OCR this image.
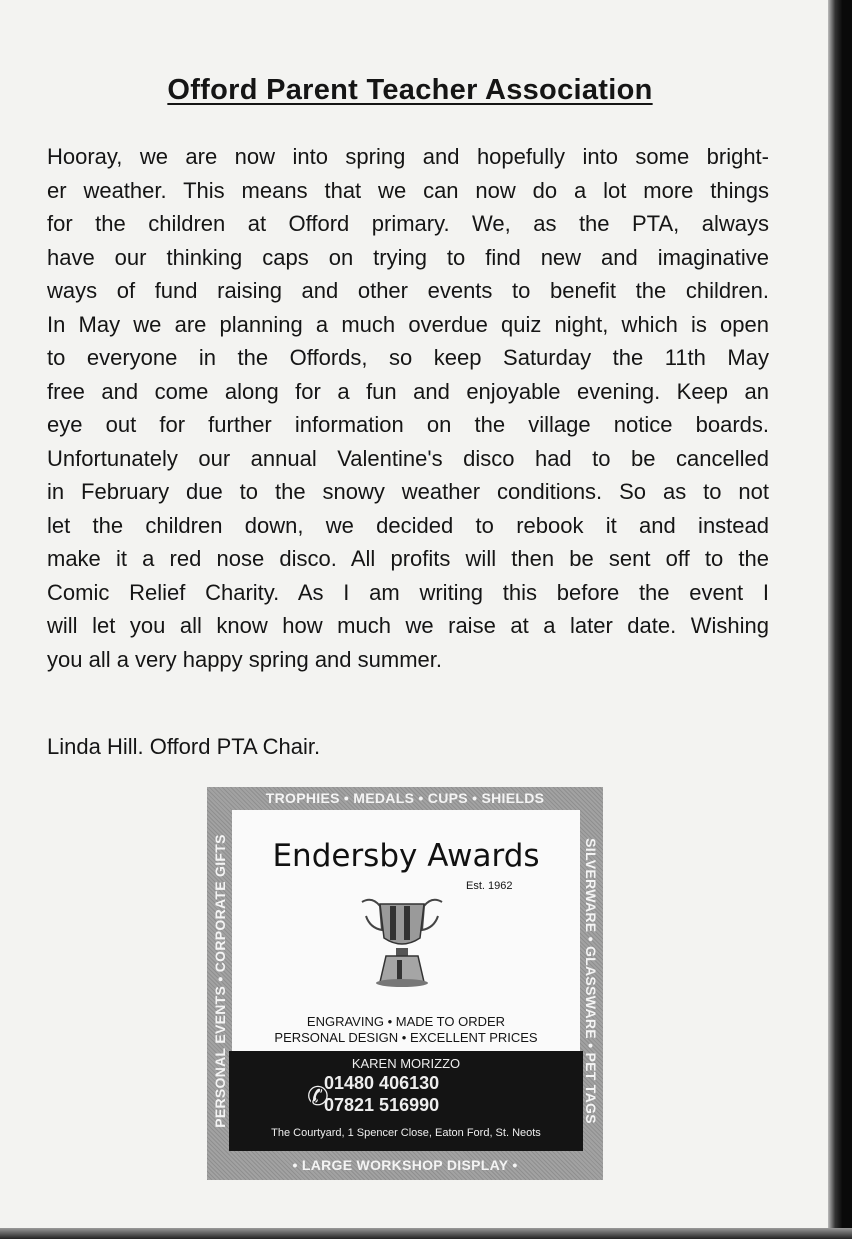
Offord Parent Teacher Association
Hooray, we are now into spring and hopefully into some bright-
er weather. This means that we can now do a lot more things
for the children at Offord primary. We, as the PTA, always
have our thinking caps on trying to find new and imaginative
ways of fund raising and other events to benefit the children.
In May we are planning a much overdue quiz night, which is open
to everyone in the Offords, so keep Saturday the 11th May
free and come along for a fun and enjoyable evening. Keep an
eye out for further information on the village notice boards.
Unfortunately our annual Valentine's disco had to be cancelled
in February due to the snowy weather conditions. So as to not
let the children down, we decided to rebook it and instead
make it a red nose disco. All profits will then be sent off to the
Comic Relief Charity. As I am writing this before the event I
will let you all know how much we raise at a later date. Wishing
you all a very happy spring and summer.
Linda Hill. Offord PTA Chair.
TROPHIES • MEDALS • CUPS • SHIELDS
PERSONAL EVENTS • CORPORATE GIFTS	SILVERWARE • GLASSWARE • PET TAGS
• LARGE WORKSHOP DISPLAY •
Endersby Awards
Est. 1962
ENGRAVING • MADE TO ORDER
PERSONAL DESIGN • EXCELLENT PRICES
KAREN MORIZZO
✆
01480 406130
07821 516990
The Courtyard, 1 Spencer Close, Eaton Ford, St. Neots
